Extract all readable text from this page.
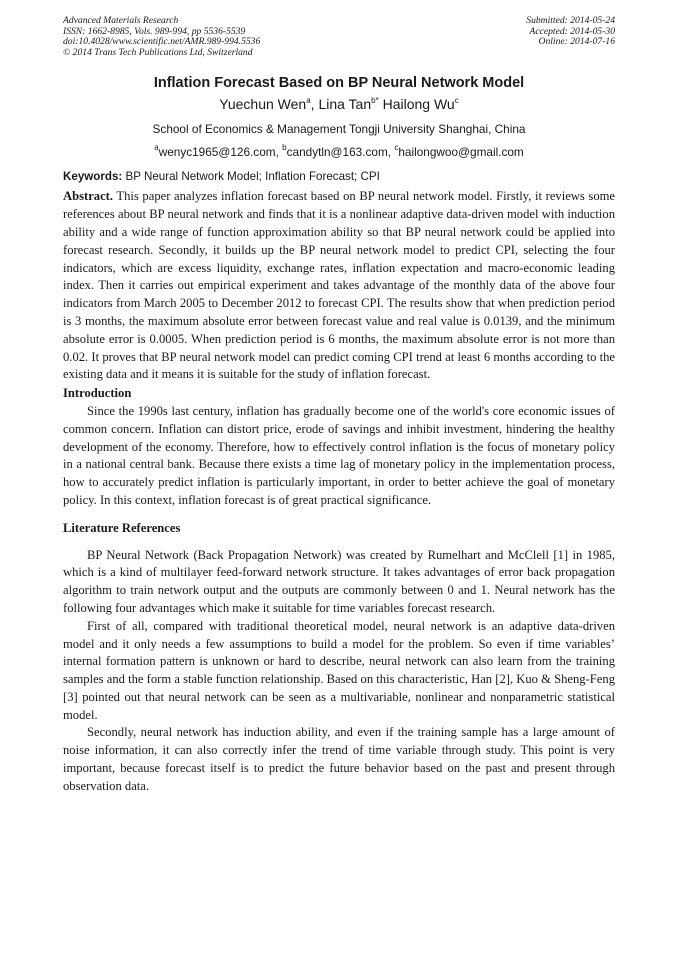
Advanced Materials Research
ISSN: 1662-8985, Vols. 989-994, pp 5536-5539
doi:10.4028/www.scientific.net/AMR.989-994.5536
© 2014 Trans Tech Publications Ltd, Switzerland
Submitted: 2014-05-24
Accepted: 2014-05-30
Online: 2014-07-16
Inflation Forecast Based on BP Neural Network Model
Yuechun Wen$^a$, Lina Tan$^{b*}$ Hailong Wu$^c$
School of Economics & Management Tongji University Shanghai, China
$^a$wenyc1965@126.com, $^b$candytln@163.com, $^c$hailongwoo@gmail.com
Keywords: BP Neural Network Model; Inflation Forecast; CPI

Abstract. This paper analyzes inflation forecast based on BP neural network model. Firstly, it reviews some references about BP neural network and finds that it is a nonlinear adaptive data-driven model with induction ability and a wide range of function approximation ability so that BP neural network could be applied into forecast research. Secondly, it builds up the BP neural network model to predict CPI, selecting the four indicators, which are excess liquidity, exchange rates, inflation expectation and macro-economic leading index. Then it carries out empirical experiment and takes advantage of the monthly data of the above four indicators from March 2005 to December 2012 to forecast CPI. The results show that when prediction period is 3 months, the maximum absolute error between forecast value and real value is 0.0139, and the minimum absolute error is 0.0005. When prediction period is 6 months, the maximum absolute error is not more than 0.02. It proves that BP neural network model can predict coming CPI trend at least 6 months according to the existing data and it means it is suitable for the study of inflation forecast.

Introduction

Since the 1990s last century, inflation has gradually become one of the world's core economic issues of common concern. Inflation can distort price, erode of savings and inhibit investment, hindering the healthy development of the economy. Therefore, how to effectively control inflation is the focus of monetary policy in a national central bank. Because there exists a time lag of monetary policy in the implementation process, how to accurately predict inflation is particularly important, in order to better achieve the goal of monetary policy. In this context, inflation forecast is of great practical significance.

Literature References

BP Neural Network (Back Propagation Network) was created by Rumelhart and McClell [1] in 1985, which is a kind of multilayer feed-forward network structure. It takes advantages of error back propagation algorithm to train network output and the outputs are commonly between 0 and 1. Neural network has the following four advantages which make it suitable for time variables forecast research.

First of all, compared with traditional theoretical model, neural network is an adaptive data-driven model and it only needs a few assumptions to build a model for the problem. So even if time variables’ internal formation pattern is unknown or hard to describe, neural network can also learn from the training samples and the form a stable function relationship. Based on this characteristic, Han [2], Kuo & Sheng-Feng [3] pointed out that neural network can be seen as a multivariable, nonlinear and nonparametric statistical model.

Secondly, neural network has induction ability, and even if the training sample has a large amount of noise information, it can also correctly infer the trend of time variable through study. This point is very important, because forecast itself is to predict the future behavior based on the past and present through observation data.
